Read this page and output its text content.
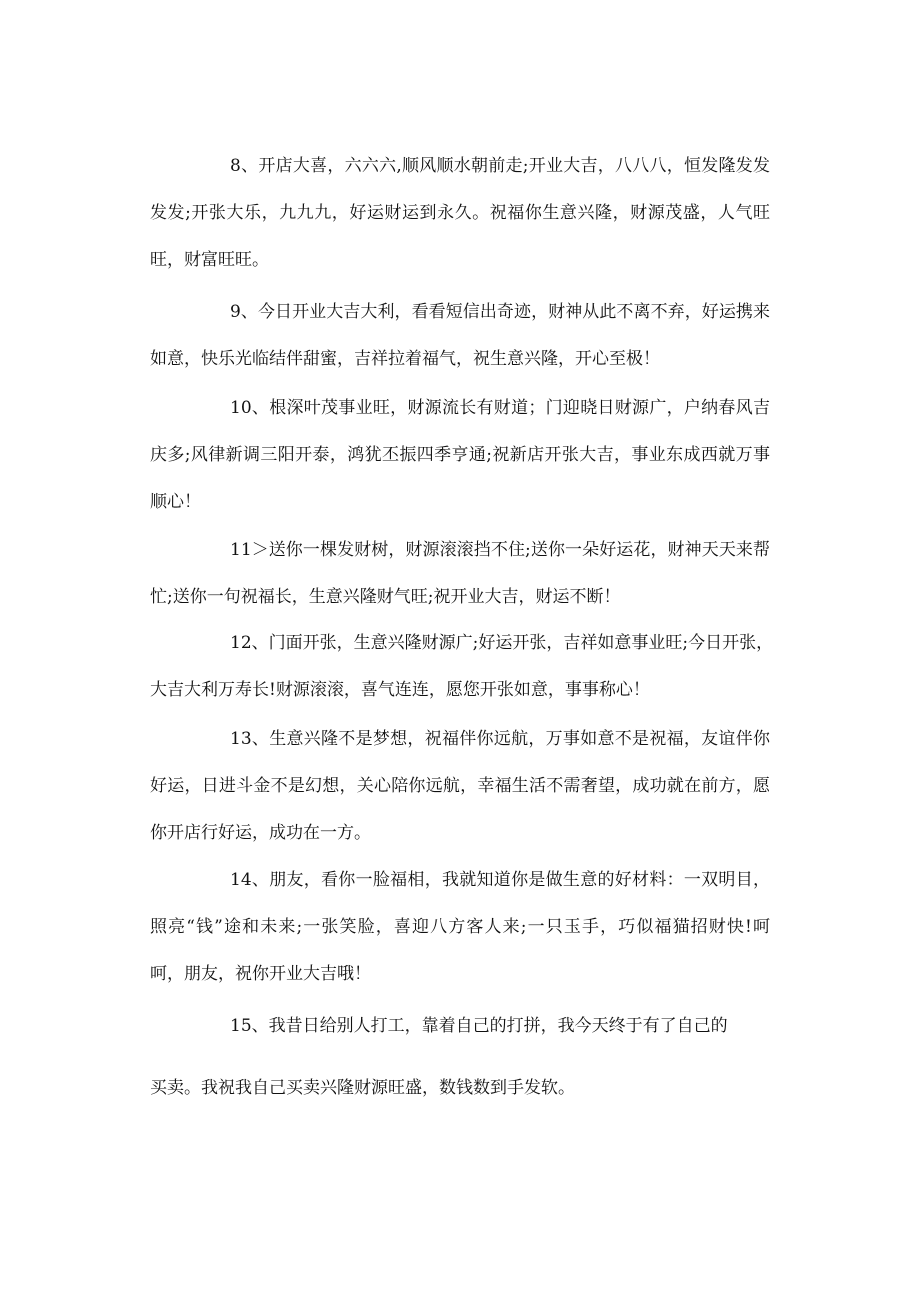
8、开店大喜，六六六,顺风顺水朝前走;开业大吉，八八八，恒发隆发发
发发;开张大乐，九九九，好运财运到永久。祝福你生意兴隆，财源茂盛，人气旺
旺，财富旺旺。
9、今日开业大吉大利，看看短信出奇迹，财神从此不离不弃，好运携来
如意，快乐光临结伴甜蜜，吉祥拉着福气，祝生意兴隆，开心至极！
10、根深叶茂事业旺，财源流长有财道；门迎晓日财源广，户纳春风吉
庆多;风律新调三阳开泰，鸿犹丕振四季亨通;祝新店开张大吉，事业东成西就万事
顺心！
11＞送你一棵发财树，财源滚滚挡不住;送你一朵好运花，财神天天来帮
忙;送你一句祝福长，生意兴隆财气旺;祝开业大吉，财运不断！
12、门面开张，生意兴隆财源广;好运开张，吉祥如意事业旺;今日开张，
大吉大利万寿长!财源滚滚，喜气连连，愿您开张如意，事事称心！
13、生意兴隆不是梦想，祝福伴你远航，万事如意不是祝福，友谊伴你
好运，日进斗金不是幻想，关心陪你远航，幸福生活不需奢望，成功就在前方，愿
你开店行好运，成功在一方。
14、朋友，看你一脸福相，我就知道你是做生意的好材料：一双明目，
照亮“钱”途和未来;一张笑脸，喜迎八方客人来;一只玉手，巧似福猫招财快!呵
呵，朋友，祝你开业大吉哦！
15、我昔日给别人打工，靠着自己的打拼，我今天终于有了自己的
买卖。我祝我自己买卖兴隆财源旺盛，数钱数到手发软。
